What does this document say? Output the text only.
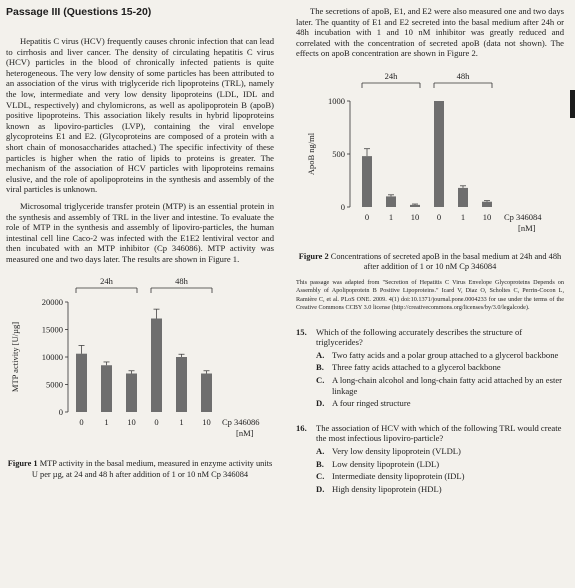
Passage III (Questions 15-20)

Hepatitis C virus (HCV) frequently causes chronic infection that can lead to cirrhosis and liver cancer. The density of circulating hepatitis C virus (HCV) particles in the blood of chronically infected patients is quite heterogeneous. The very low density of some particles has been attributed to an association of the virus with triglyceride rich lipoproteins (TRL), namely the low, intermediate and very low density lipoproteins (LDL, IDL and VLDL, respectively) and chylomicrons, as well as apolipoprotein B (apoB) positive lipoproteins. This association likely results in hybrid lipoproteins known as lipoviro-particles (LVP), containing the viral envelope glycoproteins E1 and E2. (Glycoproteins are composed of a protein with a short chain of monosaccharides attached.) The specific infectivity of these particles is higher when the ratio of lipids to proteins is greater. The mechanism of the association of HCV particles with lipoproteins remains elusive, and the role of apolipoproteins in the synthesis and assembly of the viral particles is unknown.

Microsomal triglyceride transfer protein (MTP) is an essential protein in the synthesis and assembly of TRL in the liver and intestine. To evaluate the role of MTP in the synthesis and assembly of lipoviro-particles, the human intestinal cell line Caco-2 was infected with the E1E2 lentiviral vector and then incubated with an MTP inhibitor (Cp 346086). MTP activity was measured one and two days later. The results are shown in Figure 1.

0
5000
10000
15000
20000
MTP activity [U/µg]
24h	48h
0 1 10 0 1 10 Cp 346086
[nM]

Figure 1 MTP activity in the basal medium, measured in enzyme activity units U per µg, at 24 and 48 h after addition of 1 or 10 nM Cp 346084

The secretions of apoB, E1, and E2 were also measured one and two days later. The quantity of E1 and E2 secreted into the basal medium after 24h or 48h incubation with 1 and 10 nM inhibitor was greatly reduced and correlated with the concentration of secreted apoB (data not shown). The effects on apoB concentration are shown in Figure 2.

0
500
1000
ApoB ng/ml
24h	48h
0 1 10 0 1 10 Cp 346084
[nM]

Figure 2 Concentrations of secreted apoB in the basal medium at 24h and 48h after addition of 1 or 10 nM Cp 346084

This passage was adapted from "Secretion of Hepatitis C Virus Envelope Glycoproteins Depends on Assembly of Apolipoprotein B Positive Lipoproteins." Icard V, Diaz O, Scholtes C, Perrin-Cocon L, Ramière C, et al. PLoS ONE. 2009. 4(1) doi:10.1371/journal.pone.0004233 for use under the terms of the Creative Commons CCBY 3.0 license (http://creativecommons.org/licenses/by/3.0/legalcode).

15.	Which of the following accurately describes the structure of triglycerides?
A. Two fatty acids and a polar group attached to a glycerol backbone
B. Three fatty acids attached to a glycerol backbone
C. A long-chain alcohol and long-chain fatty acid attached by an ester linkage
D. A four ringed structure
16.	The association of HCV with which of the following TRL would create the most infectious lipoviro-particle?
A. Very low density lipoprotein (VLDL)
B. Low density lipoprotein (LDL)
C. Intermediate density lipoprotein (IDL)
D. High density lipoprotein (HDL)
